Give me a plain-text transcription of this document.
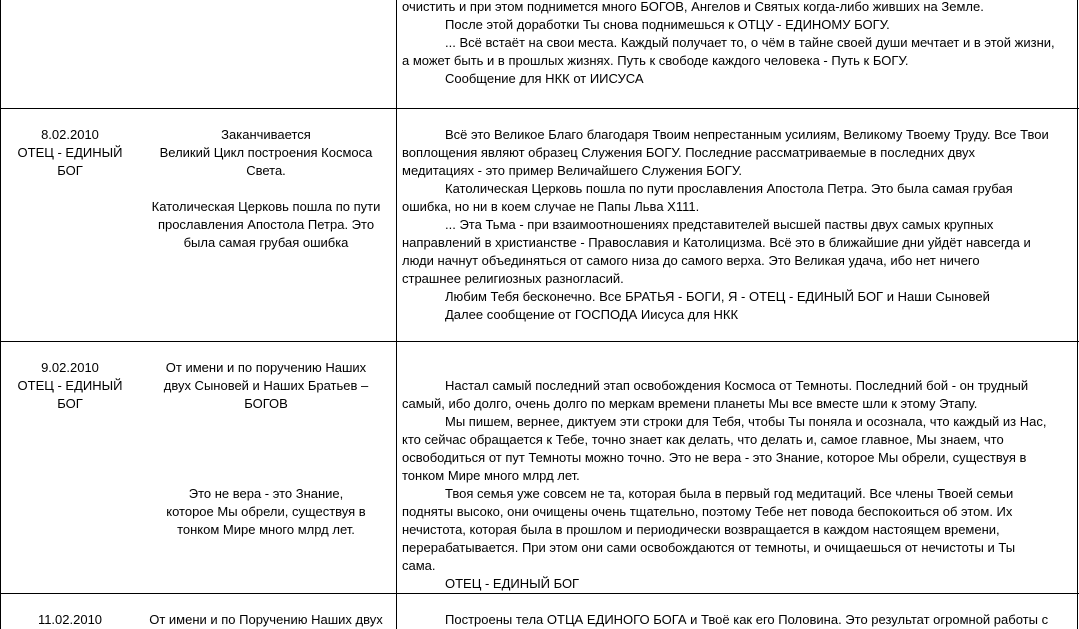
очистить и при этом поднимется много БОГОВ, Ангелов и Святых когда-либо живших на Земле.
После этой доработки Ты снова поднимешься к ОТЦУ - ЕДИНОМУ БОГУ.
... Всё встаёт на свои места. Каждый получает то, о чём в тайне своей души мечтает и в этой жизни,
а может быть и в прошлых жизнях. Путь к свободе каждого человека - Путь к БОГУ.
Сообщение для НКК от ИИСУСА
8.02.2010
ОТЕЦ - ЕДИНЫЙ
БОГ
Заканчивается
Великий Цикл построения Космоса
Света.
Католическая Церковь пошла по пути
прославления Апостола Петра. Это
была самая грубая ошибка
Всё это Великое Благо благодаря Твоим непрестанным усилиям, Великому Твоему Труду. Все Твои
воплощения являют образец Служения БОГУ. Последние рассматриваемые в последних двух
медитациях - это пример Величайшего Служения БОГУ.
Католическая Церковь пошла по пути прославления Апостола Петра. Это была самая грубая
ошибка, но ни в коем случае не Папы Льва Х111.
... Эта Тьма - при взаимоотношениях представителей высшей паствы двух самых крупных
направлений в христианстве - Православия и Католицизма. Всё это в ближайшие дни уйдёт навсегда и
люди начнут объединяться от самого низа до самого верха. Это Великая удача, ибо нет ничего
страшнее религиозных разногласий.
Любим Тебя бесконечно. Все БРАТЬЯ - БОГИ, Я - ОТЕЦ - ЕДИНЫЙ БОГ и Наши Сыновей
Далее сообщение от ГОСПОДА Иисуса для НКК
9.02.2010
ОТЕЦ - ЕДИНЫЙ
БОГ
От имени и по поручению Наших
двух Сыновей и Наших Братьев –
БОГОВ
Это не вера - это Знание,
которое Мы обрели, существуя в
тонком Мире много млрд лет.
Настал самый последний этап освобождения Космоса от Темноты. Последний бой - он трудный
самый, ибо долго, очень долго по меркам времени планеты Мы все вместе шли к этому Этапу.
Мы пишем, вернее, диктуем эти строки для Тебя, чтобы Ты поняла и осознала, что каждый из Нас,
кто сейчас обращается к Тебе, точно знает как делать, что делать и, самое главное, Мы знаем, что
освободиться от пут Темноты можно точно. Это не вера - это Знание, которое Мы обрели, существуя в
тонком Мире много млрд лет.
Твоя семья уже совсем не та, которая была в первый год медитаций. Все члены Твоей семьи
подняты высоко, они очищены очень тщательно, поэтому Тебе нет повода беспокоиться об этом. Их
нечистота, которая была в прошлом и периодически возвращается в каждом настоящем времени,
перерабатывается. При этом они сами освобождаются от темноты, и очищаешься от нечистоты и Ты
сама.
ОТЕЦ - ЕДИНЫЙ БОГ
11.02.2010	От имени и по Поручению Наших двух	Построены тела ОТЦА ЕДИНОГО БОГА и Твоё как его Половина. Это результат огромной работы с
